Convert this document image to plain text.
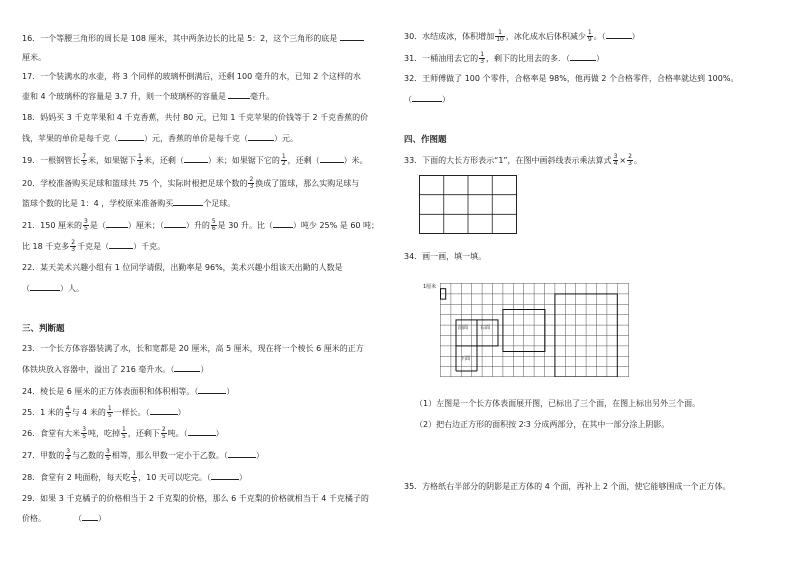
16．一个等腰三角形的周长是 108 厘米，其中两条边长的比是 5：2，这个三角形的底是
厘米。
17．一个装满水的水壶，将 3 个同样的玻璃杯倒满后，还剩 100 毫升的水，已知 2 个这样的水
壶和 4 个玻璃杯的容量是 3.7 升，则一个玻璃杯的容量是	毫升。
18．妈妈买 3 千克苹果和 4 千克香蕉，共付 80 元，已知 1 千克苹果的价钱等于 2 千克香蕉的价
钱，苹果的单价是每千克（	）元，香蕉的单价是每千克（	）元。
19．一根钢管长 $\frac{7}{5}$ 米，如果锯下 $\frac{1}{3}$ 米，还剩（	）米；如果锯下它的 $\frac{1}{2}$ ，还剩（	）米。
20．学校准备购买足球和篮球共 75 个，实际时根把足球个数的 $\frac{2}{3}$ 换成了篮球，那么实购足球与
篮球个数的比是 1：4 ，学校原来准备购买	个足球。
21．150 厘米的 $\frac{3}{5}$ 是（	）厘米；（	）升的 $\frac{5}{6}$ 是 30 升。比（	）吨少 25% 是 60 吨；
比 18 千克多 $\frac{2}{3}$ 千克是（	）千克。
22．某天美术兴趣小组有 1 位同学请假，出勤率是 96%，美术兴趣小组该天出勤的人数是
（	）人。
三、判断题
23．一个长方体容器装满了水，长和宽都是 20 厘米，高 5 厘米，现在将一个棱长 6 厘米的正方
体铁块放入容器中，溢出了 216 毫升水。（	）
24．棱长是 6 厘米的正方体表面积和体积相等。（	）
25．1 米的 $\frac{4}{5}$ 与 4 米的 $\frac{1}{5}$ 一样长。（	）
26．食堂有大米 $\frac{3}{5}$ 吨，吃掉 $\frac{1}{5}$ ，还剩下 $\frac{2}{5}$ 吨。（	）
27．甲数的 $\frac{3}{4}$ 与乙数的 $\frac{3}{5}$ 相等，那么甲数一定小于乙数。（	）
28．食堂有 2 吨面粉，每天吃 $\frac{1}{5}$ ，10 天可以吃完。（	）
29．如果 3 千克橘子的价格相当于 2 千克梨的价格，那么 6 千克梨的价格就相当于 4 千克橘子的
价格。	（ ）
30．水结成冰，体积增加 $\frac{1}{10}$ ，冰化成水后体积减少 $\frac{1}{9}$ 。（	）
31．一桶油用去它的 $\frac{1}{3}$ ，剩下的比用去的多．（	）
32．王师傅做了 100 个零件，合格率是 98%，他再做 2 个合格零件，合格率就达到 100%。
（	）
四、作图题
33．下面的大长方形表示“1”，在图中画斜线表示乘法算式 $\frac{3}{4} \times \frac{2}{3}$ 。
34．画一画，填一填。
1厘米
前面 右面
下面
（1）左图是一个长方体表面展开图，已标出了三个面，在图上标出另外三个面。
（2）把右边正方形的面积按 2∶3 分成两部分，在其中一部分涂上阴影。
35．方格纸右半部分的阴影是正方体的 4 个面，再补上 2 个面，使它能够围成一个正方体。
